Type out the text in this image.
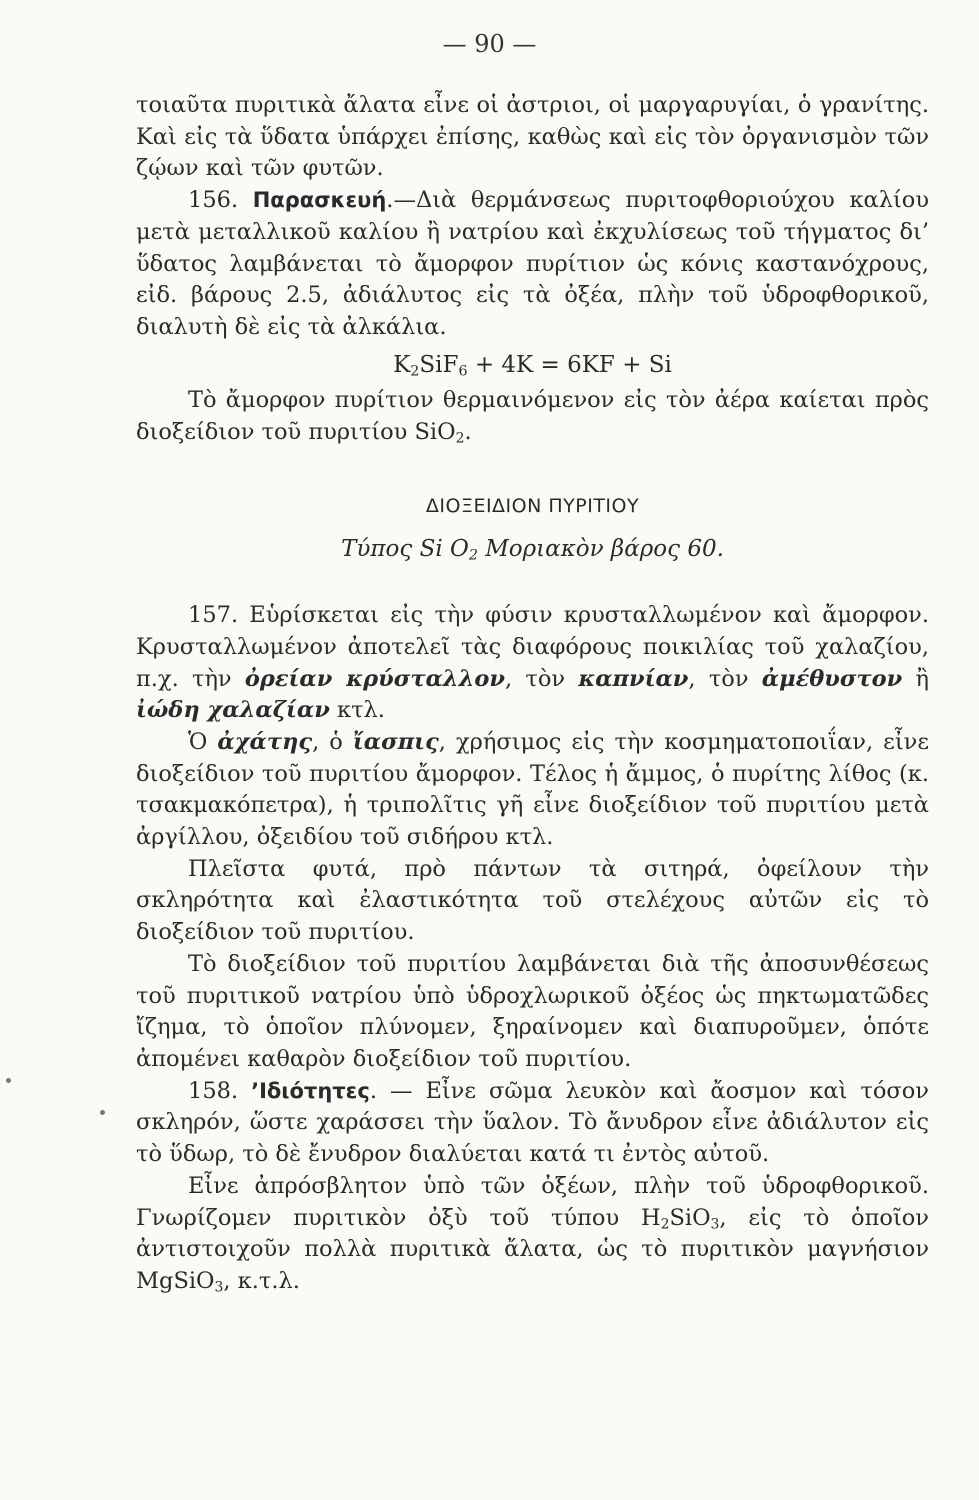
— 90 —

τοιαῦτα πυριτικὰ ἄλατα εἶνε οἱ ἀστριοι, οἱ μαργαρυγίαι, ὁ γρανίτης. Καὶ εἰς τὰ ὕδατα ὑπάρχει ἐπίσης, καθὼς καὶ εἰς τὸν ὀργανισμὸν τῶν ζῴων καὶ τῶν φυτῶν.

156. Παρασκευή.—Διὰ θερμάνσεως πυριτοφθοριούχου καλίου μετὰ μεταλλικοῦ καλίου ἢ νατρίου καὶ ἐκχυλίσεως τοῦ τήγματος δι’ ὕδατος λαμβάνεται τὸ ἄμορφον πυρίτιον ὡς κόνις καστανόχρους, εἰδ. βάρους 2.5, ἀδιάλυτος εἰς τὰ ὀξέα, πλὴν τοῦ ὑδροφθορικοῦ, διαλυτὴ δὲ εἰς τὰ ἀλκάλια.

$K_2SiF_6 + 4K = 6KF + Si$

Τὸ ἄμορφον πυρίτιον θερμαινόμενον εἰς τὸν ἀέρα καίεται πρὸς διοξείδιον τοῦ πυριτίου SiO$_2$.

ΔΙΟΞΕΙΔΙΟΝ ΠΥΡΙΤΙΟΥ

Τύπος Si $O_2$ Μοριακὸν βάρος 60.

157. Εὑρίσκεται εἰς τὴν φύσιν κρυσταλλωμένον καὶ ἄμορφον. Κρυσταλλωμένον ἀποτελεῖ τὰς διαφόρους ποικιλίας τοῦ χαλαζίου, π.χ. τὴν ὀρείαν κρύσταλλον, τὸν καπνίαν, τὸν ἀμέθυστον ἢ ἰώδη χαλαζίαν κτλ.

Ὁ ἀχάτης, ὁ ἴασπις, χρήσιμος εἰς τὴν κοσμηματοποιΐαν, εἶνε διοξείδιον τοῦ πυριτίου ἄμορφον. Τέλος ἡ ἄμμος, ὁ πυρίτης λίθος (κ. τσακμακόπετρα), ἡ τριπολῖτις γῆ εἶνε διοξείδιον τοῦ πυριτίου μετὰ ἀργίλλου, ὀξειδίου τοῦ σιδήρου κτλ.

Πλεῖστα φυτά, πρὸ πάντων τὰ σιτηρά, ὀφείλουν τὴν σκληρότητα καὶ ἐλαστικότητα τοῦ στελέχους αὐτῶν εἰς τὸ διοξείδιον τοῦ πυριτίου.

Τὸ διοξείδιον τοῦ πυριτίου λαμβάνεται διὰ τῆς ἀποσυνθέσεως τοῦ πυριτικοῦ νατρίου ὑπὸ ὑδροχλωρικοῦ ὀξέος ὡς πηκτωματῶδες ἴζημα, τὸ ὁποῖον πλύνομεν, ξηραίνομεν καὶ διαπυροῦμεν, ὁπότε ἀπομένει καθαρὸν διοξείδιον τοῦ πυριτίου.

158. ’Ιδιότητες. — Εἶνε σῶμα λευκὸν καὶ ἄοσμον καὶ τόσον σκληρόν, ὥστε χαράσσει τὴν ὕαλον. Τὸ ἄνυδρον εἶνε ἀδιάλυτον εἰς τὸ ὕδωρ, τὸ δὲ ἔνυδρον διαλύεται κατά τι ἐντὸς αὐτοῦ.

Εἶνε ἀπρόσβλητον ὑπὸ τῶν ὀξέων, πλὴν τοῦ ὑδροφθορικοῦ. Γνωρίζομεν πυριτικὸν ὀξὺ τοῦ τύπου $H_2SiO_3$, εἰς τὸ ὁποῖον ἀντιστοιχοῦν πολλὰ πυριτικὰ ἄλατα, ὡς τὸ πυριτικὸν μαγνήσιον MgSiO$_3$, κ.τ.λ.
